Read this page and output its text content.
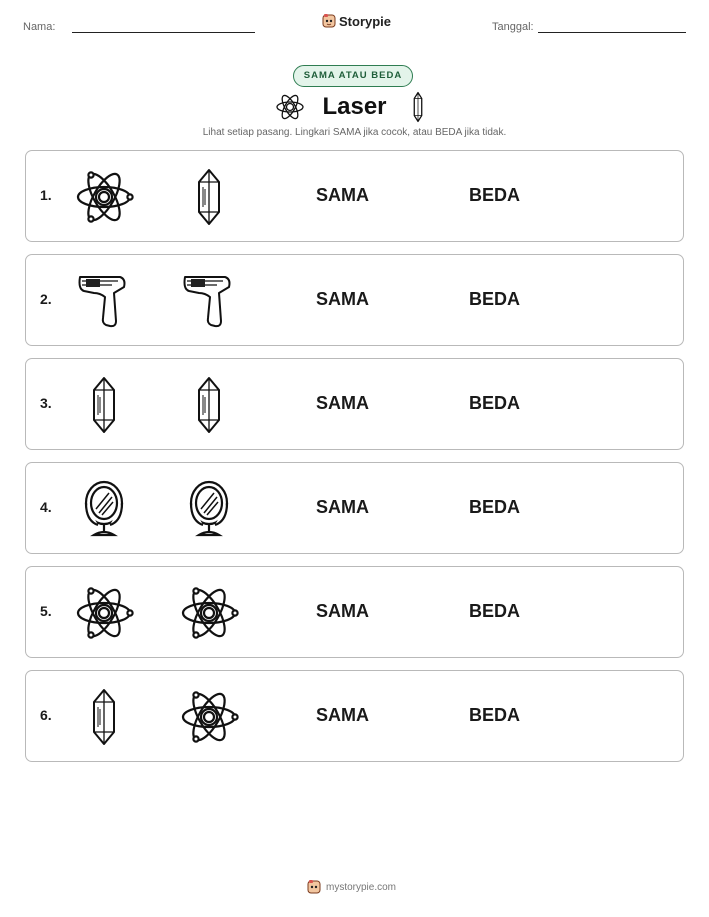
Nama:	Storypie	Tanggal:
SAMA ATAU BEDA
Laser
Lihat setiap pasang. Lingkari SAMA jika cocok, atau BEDA jika tidak.
1.	SAMA	BEDA
2.	SAMA	BEDA
3.	SAMA	BEDA
4.	SAMA	BEDA
5.	SAMA	BEDA
6.	SAMA	BEDA
mystorypie.com
